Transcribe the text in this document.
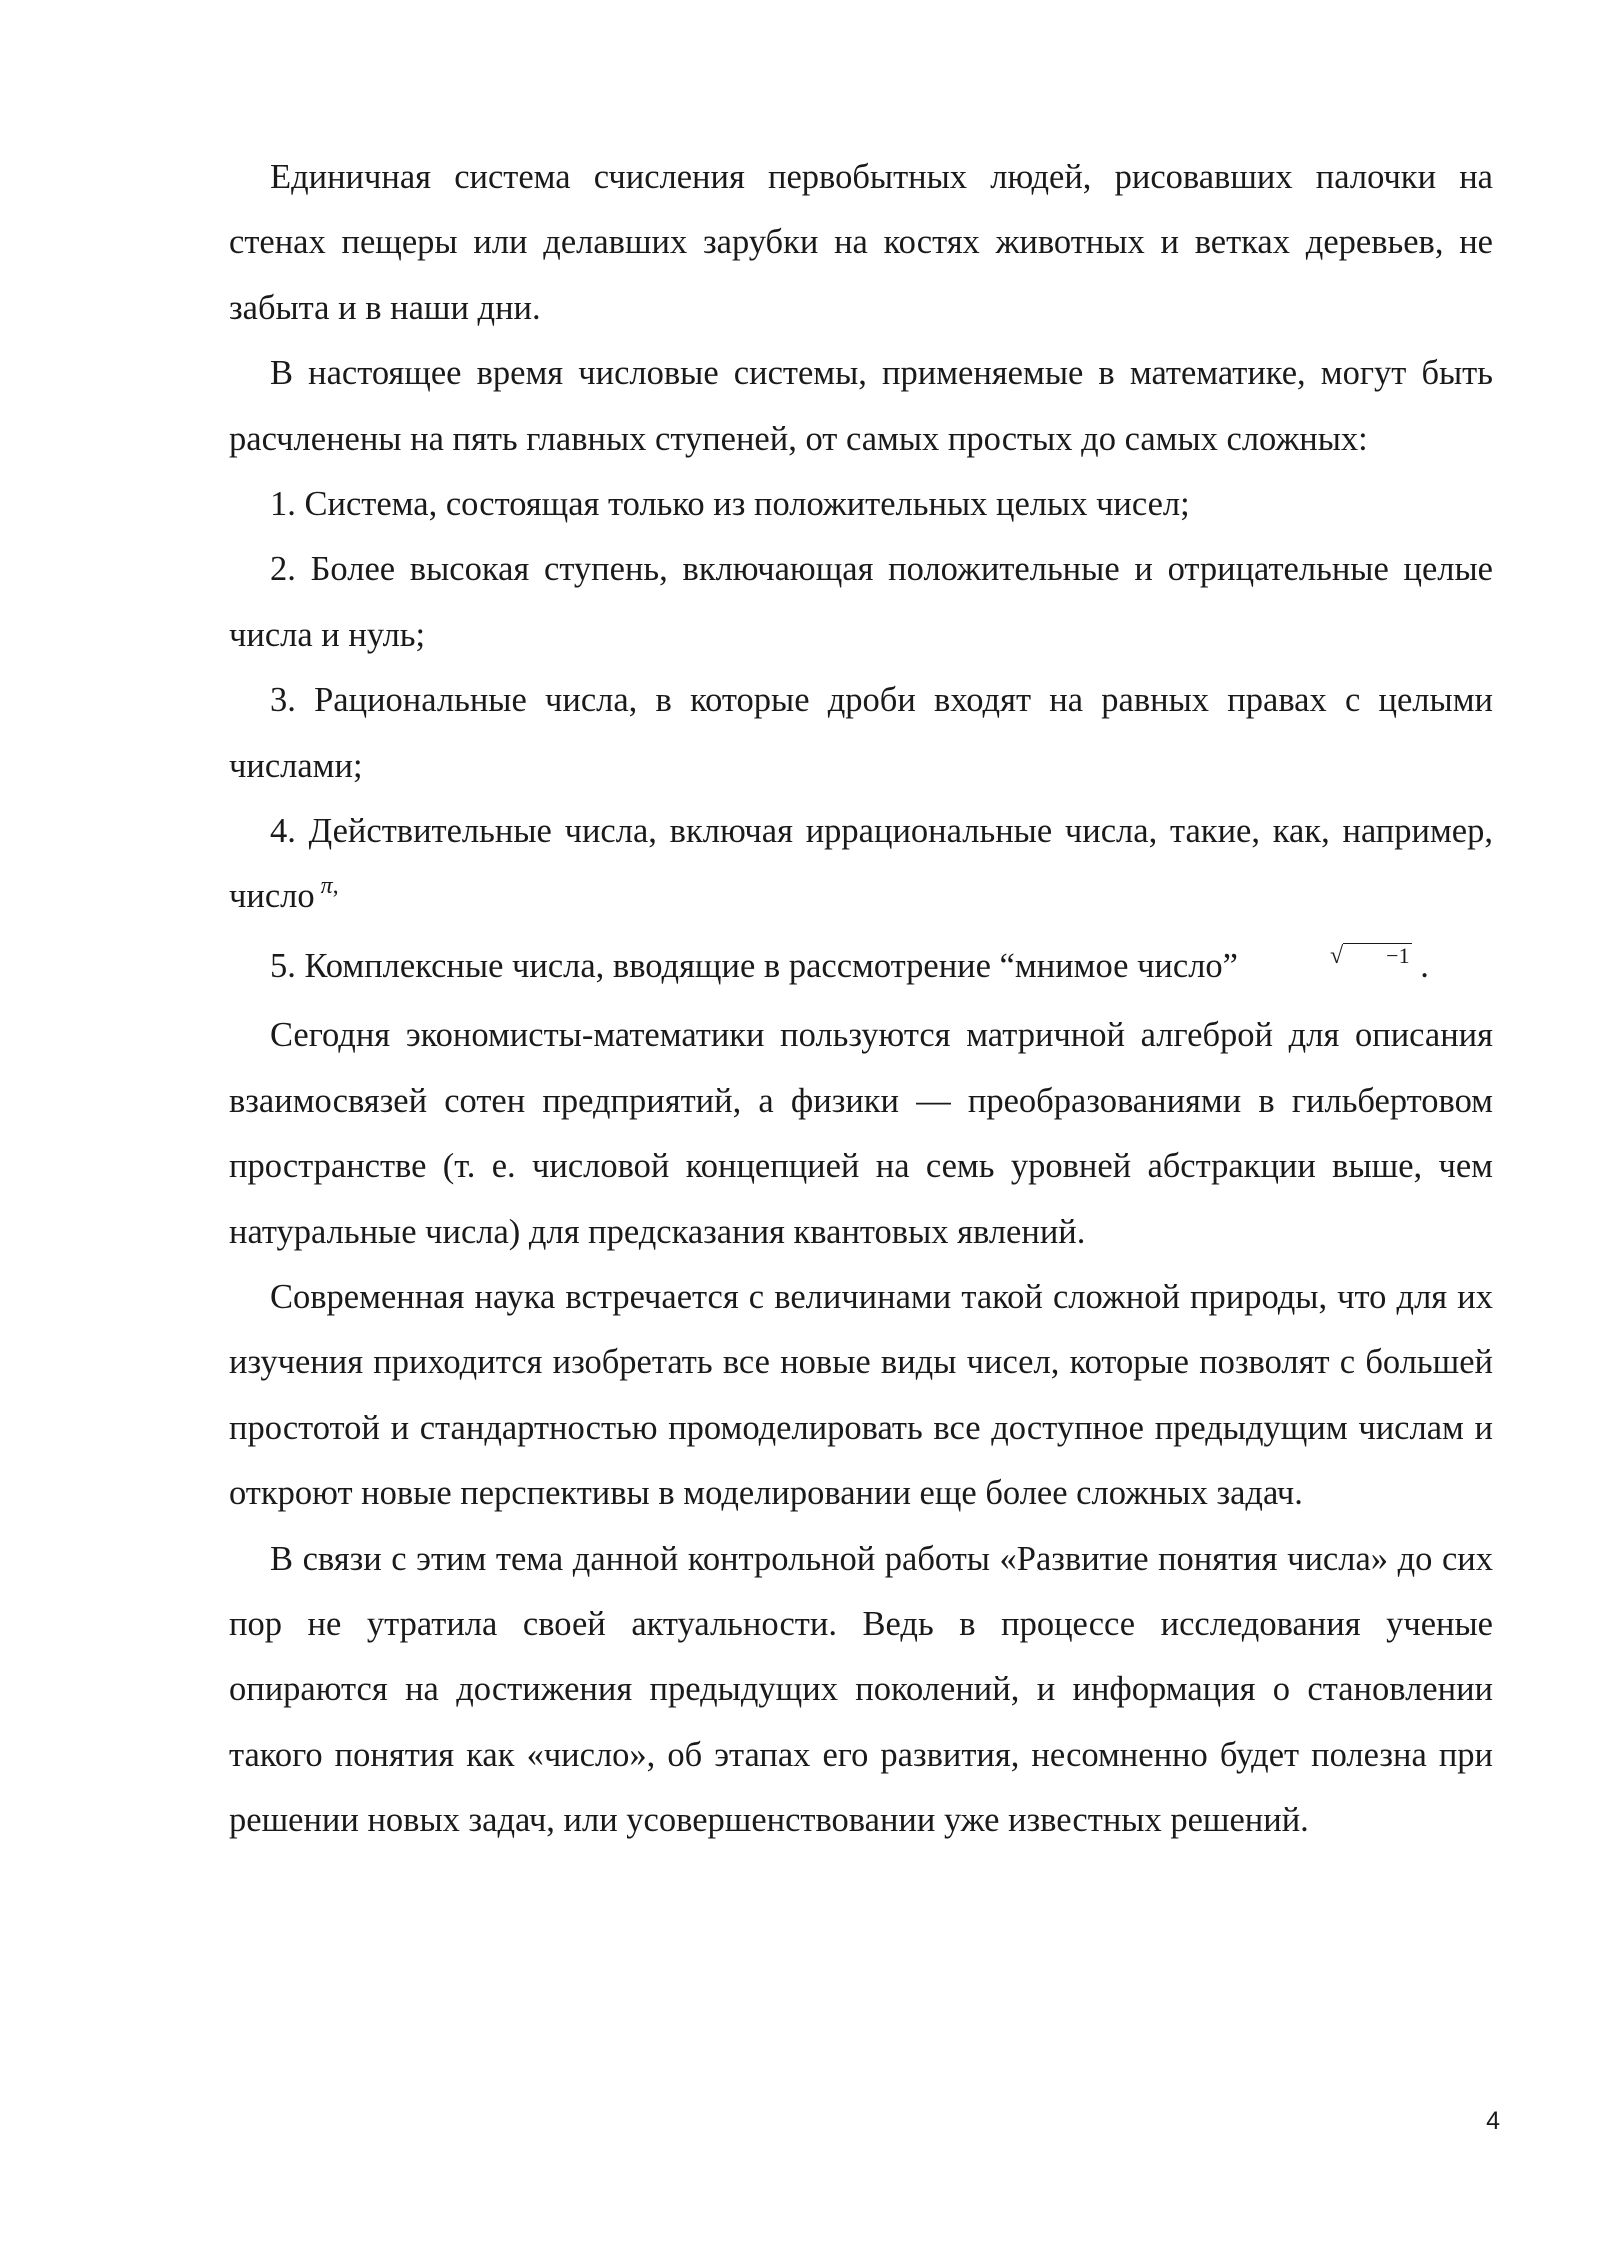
Единичная система счисления первобытных людей, рисовавших палочки на стенах пещеры или делавших зарубки на костях животных и ветках деревьев, не забыта и в наши дни.

В настоящее время числовые системы, применяемые в математике, могут быть расчленены на пять главных ступеней, от самых простых до самых сложных:

1. Система, состоящая только из положительных целых чисел;

2. Более высокая ступень, включающая положительные и отрицательные целые числа и нуль;

3. Рациональные числа, в которые дроби входят на равных правах с целыми числами;

4. Действительные числа, включая иррациональные числа, такие, как, например, число $^{\pi,}$

5. Комплексные числа, вводящие в рассмотрение “мнимое число”	√ −1 .

Сегодня экономисты-математики пользуются матричной алгеброй для описания взаимосвязей сотен предприятий, а физики — преобразованиями в гильбертовом пространстве (т. е. числовой концепцией на семь уровней абстракции выше, чем натуральные числа) для предсказания квантовых явлений.

Современная наука встречается с величинами такой сложной природы, что для их изучения приходится изобретать все новые виды чисел, которые позволят с большей простотой и стандартностью промоделировать все доступное предыдущим числам и откроют новые перспективы в моделировании еще более сложных задач.

В связи с этим тема данной контрольной работы «Развитие понятия числа» до сих пор не утратила своей актуальности. Ведь в процессе исследования ученые опираются на достижения предыдущих поколений, и информация о становлении такого понятия как «число», об этапах его развития, несомненно будет полезна при решении новых задач, или усовершенствовании уже известных решений.

4
